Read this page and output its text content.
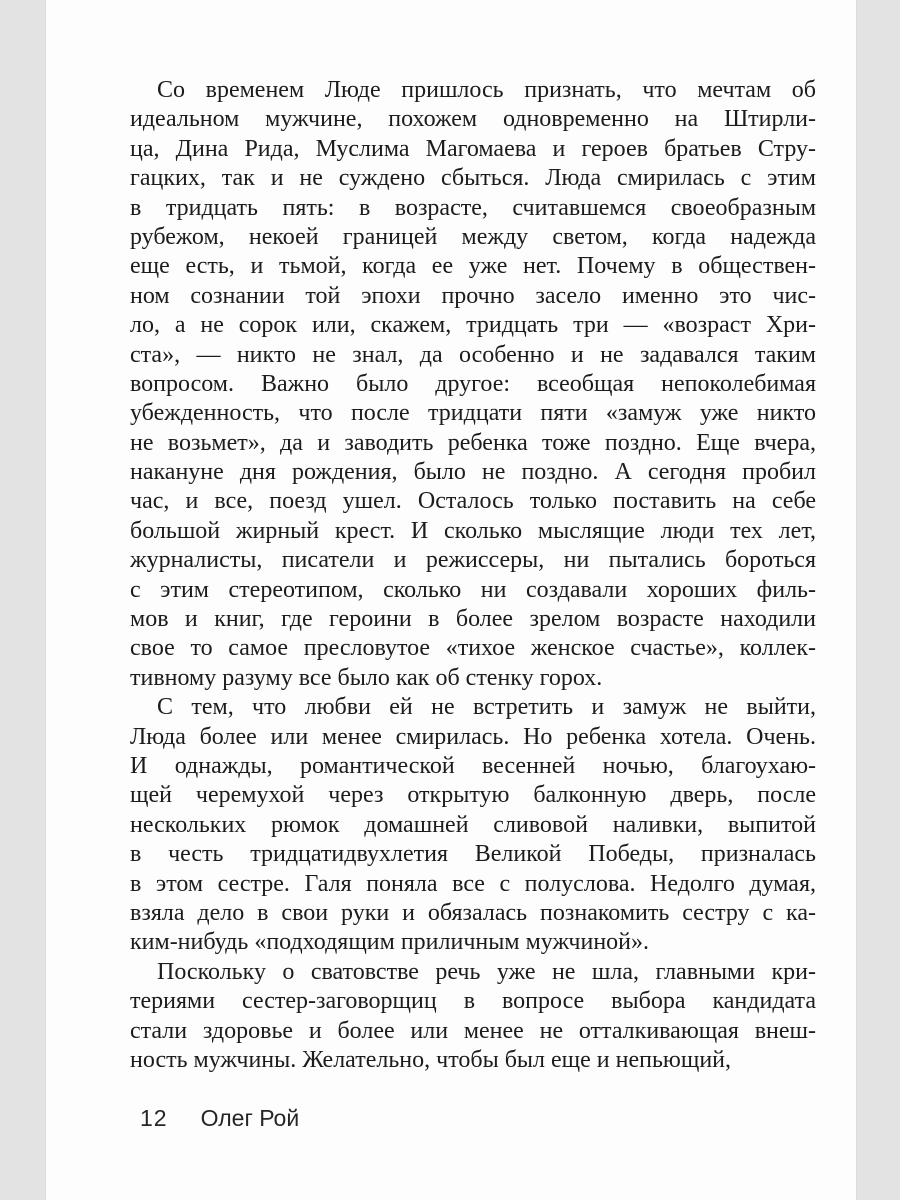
Со временем Люде пришлось признать, что мечтам об
идеальном мужчине, похожем одновременно на Штирли-
ца, Дина Рида, Муслима Магомаева и героев братьев Стру-
гацких, так и не суждено сбыться. Люда смирилась с этим
в тридцать пять: в возрасте, считавшемся своеобразным
рубежом, некоей границей между светом, когда надежда
еще есть, и тьмой, когда ее уже нет. Почему в обществен-
ном сознании той эпохи прочно засело именно это чис-
ло, а не сорок или, скажем, тридцать три — «возраст Хри-
ста», — никто не знал, да особенно и не задавался таким
вопросом. Важно было другое: всеобщая непоколебимая
убежденность, что после тридцати пяти «замуж уже никто
не возьмет», да и заводить ребенка тоже поздно. Еще вчера,
накануне дня рождения, было не поздно. А сегодня пробил
час, и все, поезд ушел. Осталось только поставить на себе
большой жирный крест. И сколько мыслящие люди тех лет,
журналисты, писатели и режиссеры, ни пытались бороться
с этим стереотипом, сколько ни создавали хороших филь-
мов и книг, где героини в более зрелом возрасте находили
свое то самое пресловутое «тихое женское счастье», коллек-
тивному разуму все было как об стенку горох.
С тем, что любви ей не встретить и замуж не выйти,
Люда более или менее смирилась. Но ребенка хотела. Очень.
И однажды, романтической весенней ночью, благоухаю-
щей черемухой через открытую балконную дверь, после
нескольких рюмок домашней сливовой наливки, выпитой
в честь тридцатидвухлетия Великой Победы, призналась
в этом сестре. Галя поняла все с полуслова. Недолго думая,
взяла дело в свои руки и обязалась познакомить сестру с ка-
ким-нибудь «подходящим приличным мужчиной».
Поскольку о сватовстве речь уже не шла, главными кри-
териями сестер-заговорщиц в вопросе выбора кандидата
стали здоровье и более или менее не отталкивающая внеш-
ность мужчины. Желательно, чтобы был еще и непьющий,
12 Олег Рой
